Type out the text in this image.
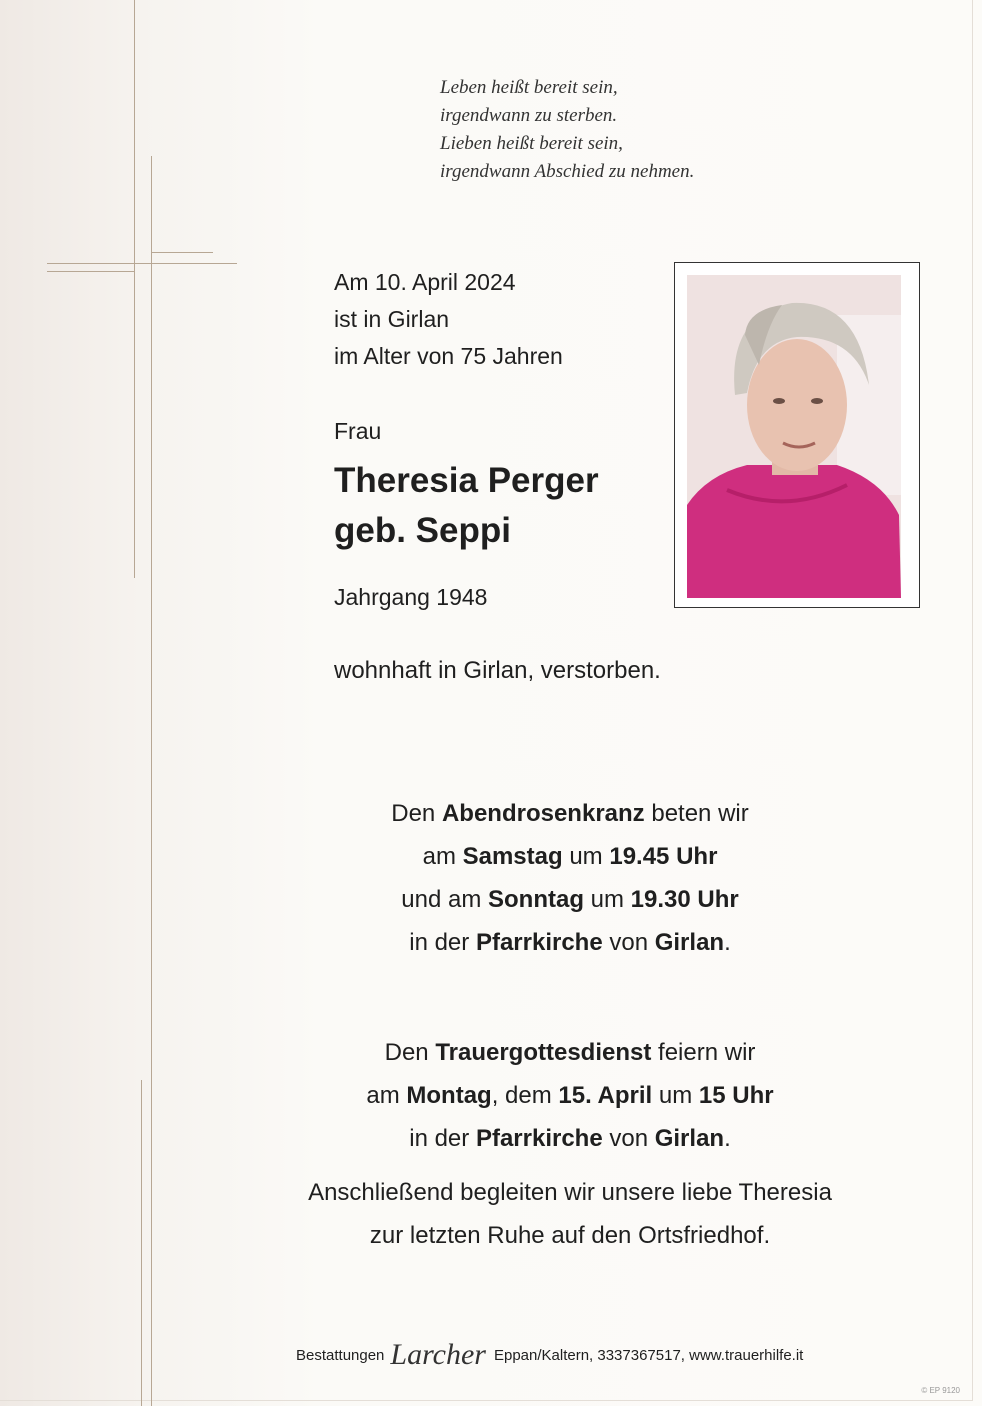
Leben heißt bereit sein,
irgendwann zu sterben.
Lieben heißt bereit sein,
irgendwann Abschied zu nehmen.
Am 10. April 2024
ist in Girlan
im Alter von 75 Jahren
Frau
Theresia Perger
geb. Seppi
Jahrgang 1948
wohnhaft in Girlan, verstorben.
Den Abendrosenkranz beten wir
am Samstag um 19.45 Uhr
und am Sonntag um 19.30 Uhr
in der Pfarrkirche von Girlan.
Den Trauergottesdienst feiern wir
am Montag, dem 15. April um 15 Uhr
in der Pfarrkirche von Girlan.
Anschließend begleiten wir unsere liebe Theresia
zur letzten Ruhe auf den Ortsfriedhof.
Bestattungen Larcher Eppan/Kaltern, 3337367517, www.trauerhilfe.it
© EP 9120
